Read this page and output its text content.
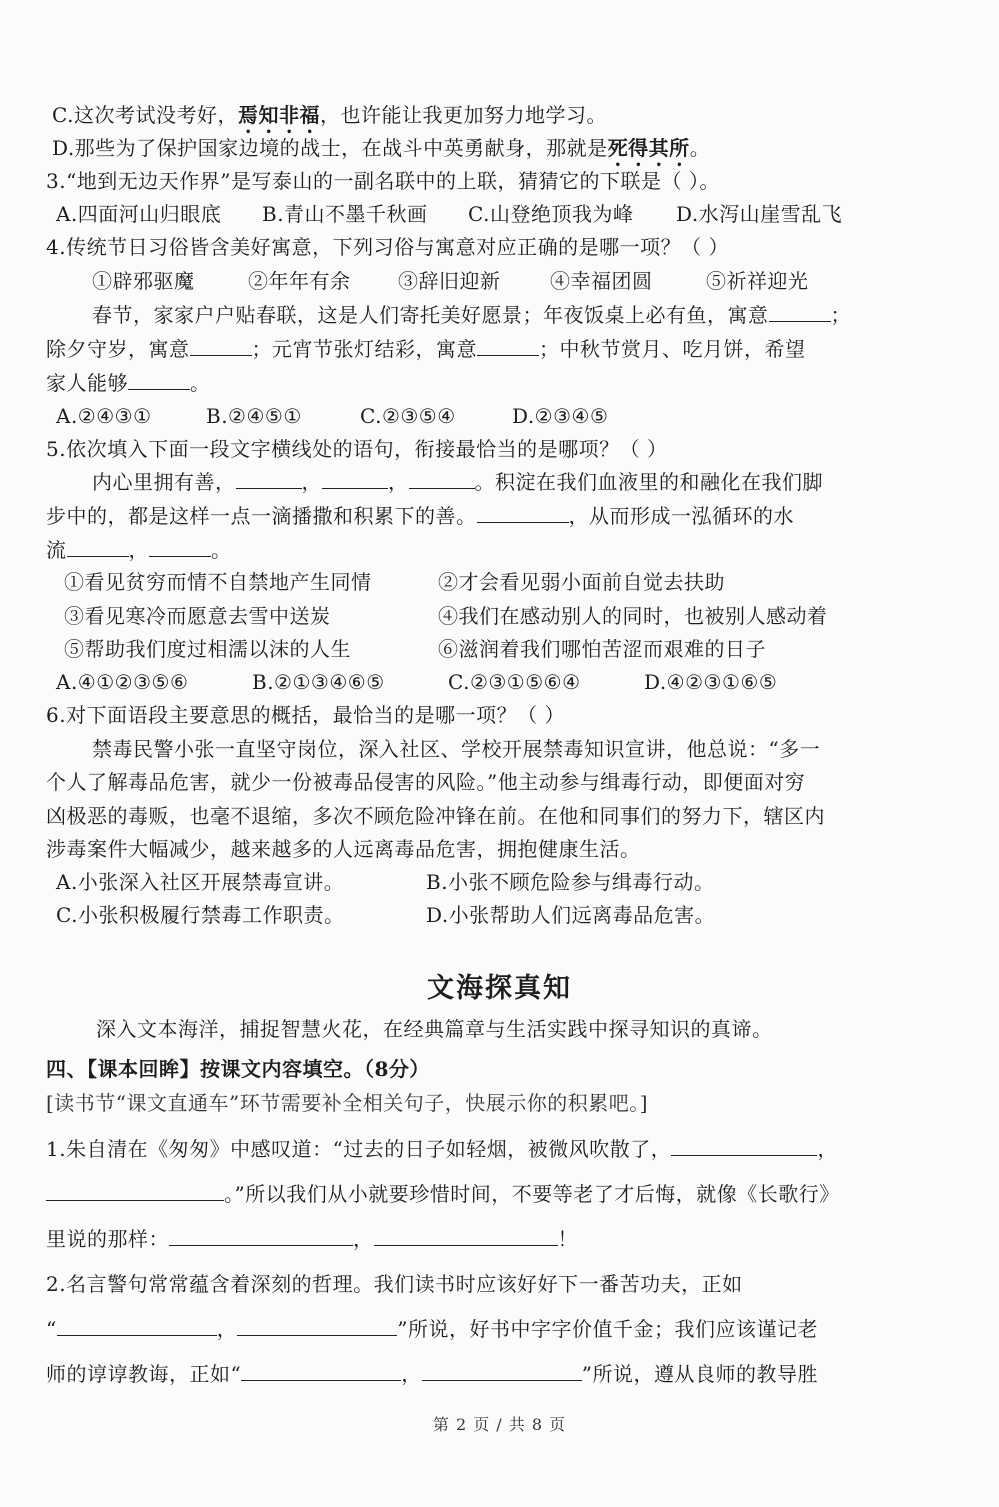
C.这次考试没考好，焉知非福，也许能让我更加努力地学习。
D.那些为了保护国家边境的战士，在战斗中英勇献身，那就是死得其所。
3.“地到无边天作界”是写泰山的一副名联中的上联，猜猜它的下联是（ ）。
A.四面河山归眼底 B.青山不墨千秋画 C.山登绝顶我为峰 D.水泻山崖雪乱飞
4.传统节日习俗皆含美好寓意，下列习俗与寓意对应正确的是哪一项？（ ）
①辟邪驱魔	②年年有余 ③辞旧迎新 ④幸福团圆	⑤祈祥迎光
春节，家家户户贴春联，这是人们寄托美好愿景；年夜饭桌上必有鱼，寓意	；
除夕守岁，寓意	；元宵节张灯结彩，寓意	；中秋节赏月、吃月饼，希望
家人能够	。
A.②④③①	B.②④⑤①	C.②③⑤④	D.②③④⑤
5.依次填入下面一段文字横线处的语句，衔接最恰当的是哪项？（ ）
内心里拥有善，	，	，	。积淀在我们血液里的和融化在我们脚
步中的，都是这样一点一滴播撒和积累下的善。	，从而形成一泓循环的水
流	，	。
①看见贫穷而情不自禁地产生同情	②才会看见弱小面前自觉去扶助
③看见寒冷而愿意去雪中送炭	④我们在感动别人的同时，也被别人感动着
⑤帮助我们度过相濡以沫的人生	⑥滋润着我们哪怕苦涩而艰难的日子
A.④①②③⑤⑥	B.②①③④⑥⑤	C.②③①⑤⑥④	D.④②③①⑥⑤
6.对下面语段主要意思的概括，最恰当的是哪一项？（ ）
禁毒民警小张一直坚守岗位，深入社区、学校开展禁毒知识宣讲，他总说：“多一
个人了解毒品危害，就少一份被毒品侵害的风险。”他主动参与缉毒行动，即便面对穷
凶极恶的毒贩，也毫不退缩，多次不顾危险冲锋在前。在他和同事们的努力下，辖区内
涉毒案件大幅减少，越来越多的人远离毒品危害，拥抱健康生活。
A.小张深入社区开展禁毒宣讲。	B.小张不顾危险参与缉毒行动。
C.小张积极履行禁毒工作职责。	D.小张帮助人们远离毒品危害。
文海探真知
深入文本海洋，捕捉智慧火花，在经典篇章与生活实践中探寻知识的真谛。
四、【课本回眸】按课文内容填空。（8分）
[读书节“课文直通车”环节需要补全相关句子，快展示你的积累吧。]
1.朱自清在《匆匆》中感叹道：“过去的日子如轻烟，被微风吹散了，	，
。”所以我们从小就要珍惜时间，不要等老了才后悔，就像《长歌行》
里说的那样：	，	！
2.名言警句常常蕴含着深刻的哲理。我们读书时应该好好下一番苦功夫，正如
“	，	”所说，好书中字字价值千金；我们应该谨记老
师的谆谆教诲，正如“	，	”所说，遵从良师的教导胜
第 2 页 / 共 8 页
